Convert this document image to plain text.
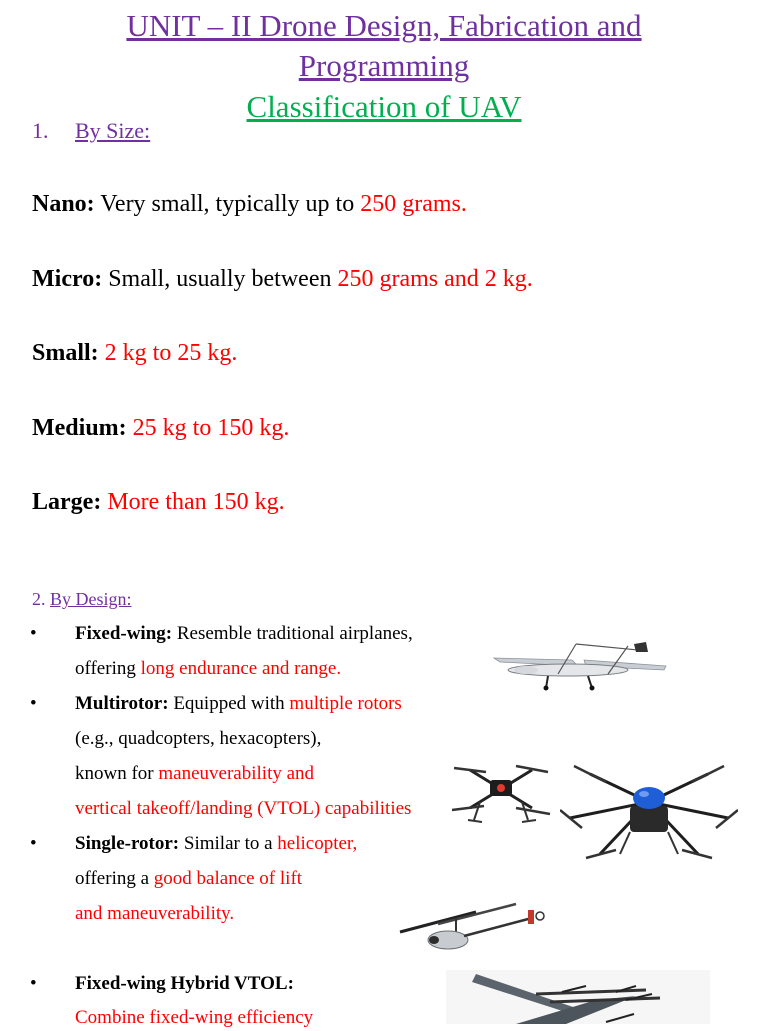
UNIT – II Drone Design, Fabrication and
Programming
Classification of UAV
1. By Size:
Nano: Very small, typically up to 250 grams.
Micro: Small, usually between 250 grams and 2 kg.
Small: 2 kg to 25 kg.
Medium: 25 kg to 150 kg.
Large: More than 150 kg.
2. By Design:
• Fixed-wing: Resemble traditional airplanes,
offering long endurance and range.
• Multirotor: Equipped with multiple rotors
(e.g., quadcopters, hexacopters),
known for maneuverability and
vertical takeoff/landing (VTOL) capabilities
• Single-rotor: Similar to a helicopter,
offering a good balance of lift
and maneuverability.
• Fixed-wing Hybrid VTOL:
Combine fixed-wing efficiency
